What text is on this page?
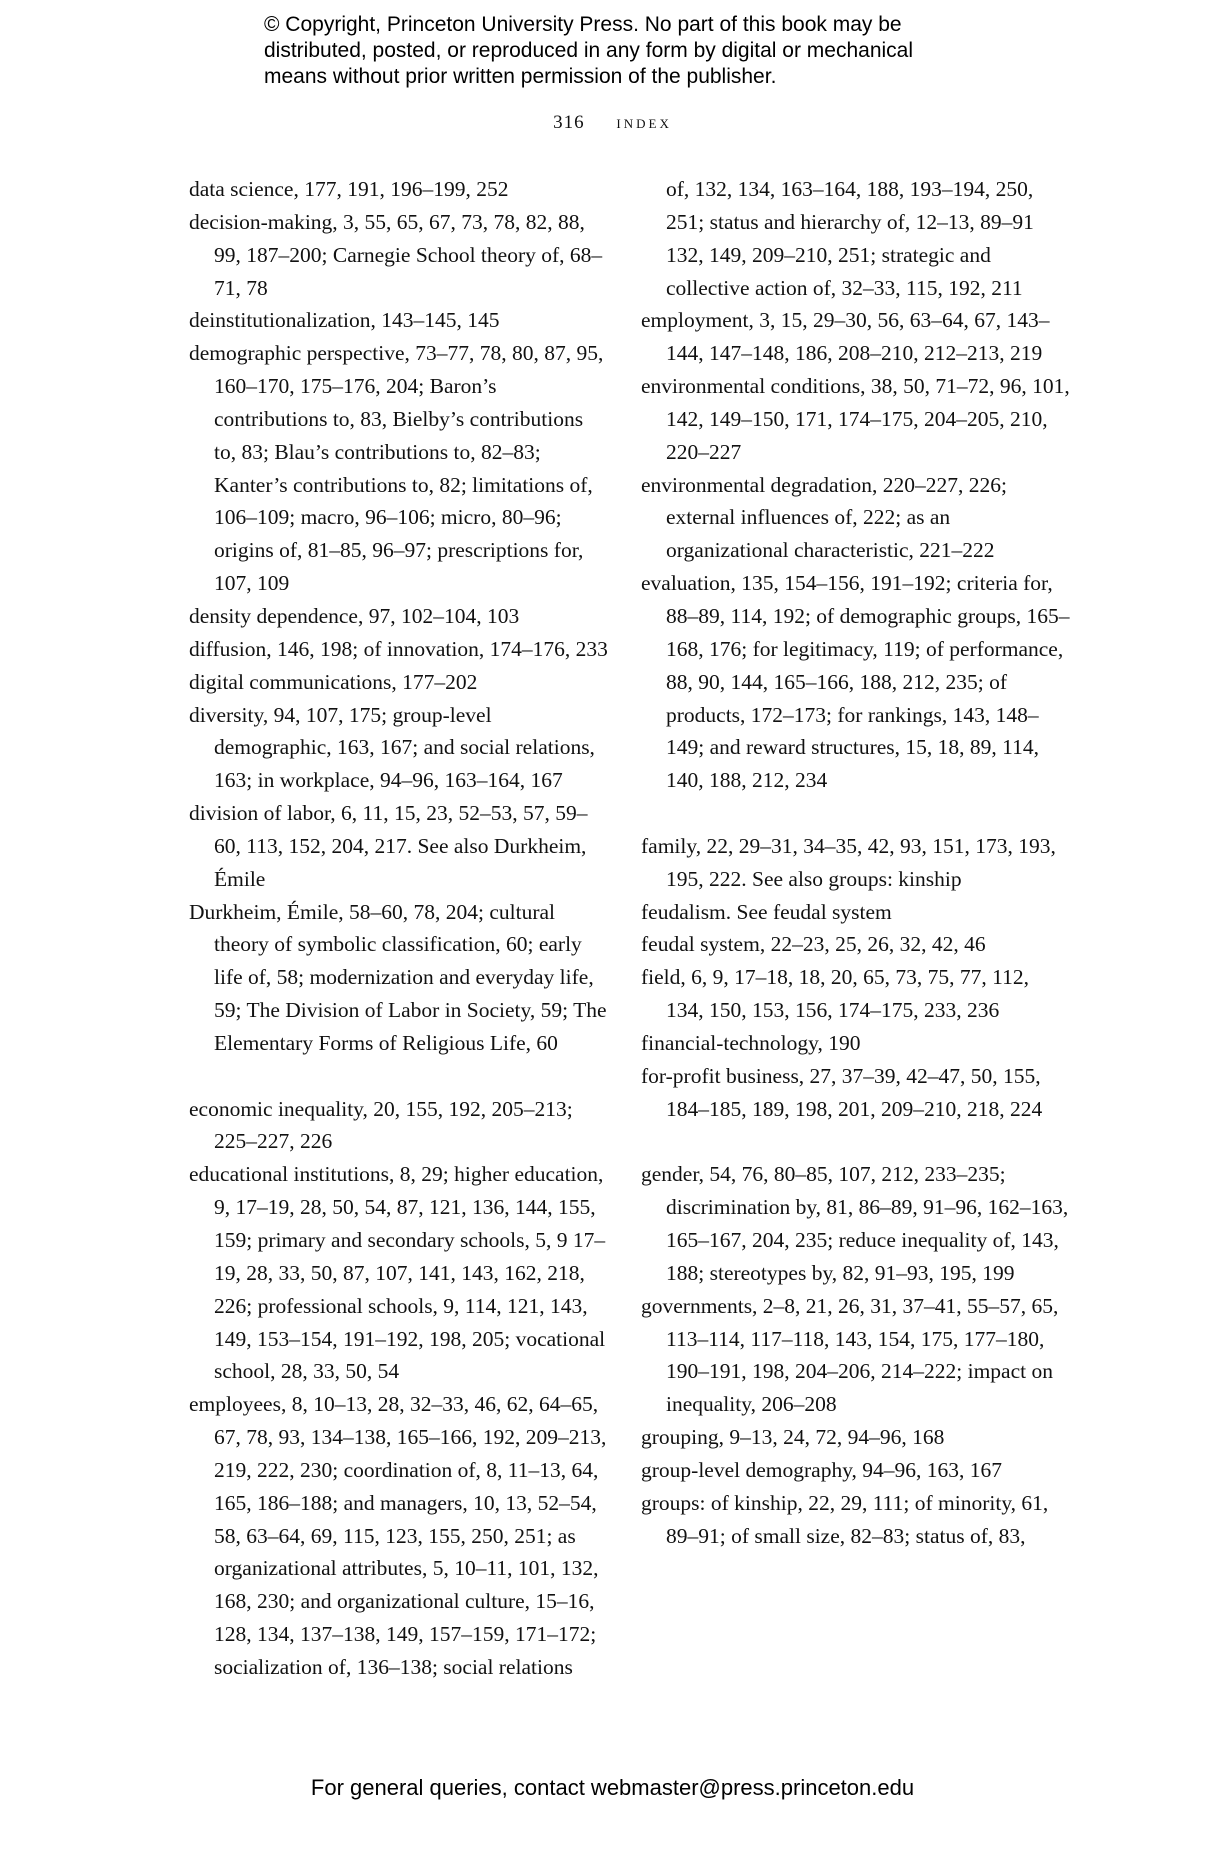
© Copyright, Princeton University Press. No part of this book may be
distributed, posted, or reproduced in any form by digital or mechanical
means without prior written permission of the publisher.
316 index
data science, 177, 191, 196–199, 252
decision-making, 3, 55, 65, 67, 73, 78, 82, 88, 99, 187–200; Carnegie School theory of, 68–71, 78
deinstitutionalization, 143–145, 145
demographic perspective, 73–77, 78, 80, 87, 95, 160–170, 175–176, 204; Baron’s contributions to, 83, Bielby’s contributions to, 83; Blau’s contributions to, 82–83; Kanter’s contributions to, 82; limitations of, 106–109; macro, 96–106; micro, 80–96; origins of, 81–85, 96–97; prescriptions for, 107, 109
density dependence, 97, 102–104, 103
diffusion, 146, 198; of innovation, 174–176, 233
digital communications, 177–202
diversity, 94, 107, 175; group-level demographic, 163, 167; and social relations, 163; in workplace, 94–96, 163–164, 167
division of labor, 6, 11, 15, 23, 52–53, 57, 59–60, 113, 152, 204, 217. See also Durkheim, Émile
Durkheim, Émile, 58–60, 78, 204; cultural theory of symbolic classification, 60; early life of, 58; modernization and everyday life, 59; The Division of Labor in Society, 59; The Elementary Forms of Religious Life, 60
economic inequality, 20, 155, 192, 205–213; 225–227, 226
educational institutions, 8, 29; higher education, 9, 17–19, 28, 50, 54, 87, 121, 136, 144, 155, 159; primary and secondary schools, 5, 9 17–19, 28, 33, 50, 87, 107, 141, 143, 162, 218, 226; professional schools, 9, 114, 121, 143, 149, 153–154, 191–192, 198, 205; vocational school, 28, 33, 50, 54
employees, 8, 10–13, 28, 32–33, 46, 62, 64–65, 67, 78, 93, 134–138, 165–166, 192, 209–213, 219, 222, 230; coordination of, 8, 11–13, 64, 165, 186–188; and managers, 10, 13, 52–54, 58, 63–64, 69, 115, 123, 155, 250, 251; as organizational attributes, 5, 10–11, 101, 132, 168, 230; and organizational culture, 15–16, 128, 134, 137–138, 149, 157–159, 171–172; socialization of, 136–138; social relations
of, 132, 134, 163–164, 188, 193–194, 250, 251; status and hierarchy of, 12–13, 89–91 132, 149, 209–210, 251; strategic and collective action of, 32–33, 115, 192, 211
employment, 3, 15, 29–30, 56, 63–64, 67, 143–144, 147–148, 186, 208–210, 212–213, 219
environmental conditions, 38, 50, 71–72, 96, 101, 142, 149–150, 171, 174–175, 204–205, 210, 220–227
environmental degradation, 220–227, 226; external influences of, 222; as an organizational characteristic, 221–222
evaluation, 135, 154–156, 191–192; criteria for, 88–89, 114, 192; of demographic groups, 165–168, 176; for legitimacy, 119; of performance, 88, 90, 144, 165–166, 188, 212, 235; of products, 172–173; for rankings, 143, 148–149; and reward structures, 15, 18, 89, 114, 140, 188, 212, 234
family, 22, 29–31, 34–35, 42, 93, 151, 173, 193, 195, 222. See also groups: kinship
feudalism. See feudal system
feudal system, 22–23, 25, 26, 32, 42, 46
field, 6, 9, 17–18, 18, 20, 65, 73, 75, 77, 112, 134, 150, 153, 156, 174–175, 233, 236
financial-technology, 190
for-profit business, 27, 37–39, 42–47, 50, 155, 184–185, 189, 198, 201, 209–210, 218, 224
gender, 54, 76, 80–85, 107, 212, 233–235; discrimination by, 81, 86–89, 91–96, 162–163, 165–167, 204, 235; reduce inequality of, 143, 188; stereotypes by, 82, 91–93, 195, 199
governments, 2–8, 21, 26, 31, 37–41, 55–57, 65, 113–114, 117–118, 143, 154, 175, 177–180, 190–191, 198, 204–206, 214–222; impact on inequality, 206–208
grouping, 9–13, 24, 72, 94–96, 168
group-level demography, 94–96, 163, 167
groups: of kinship, 22, 29, 111; of minority, 61, 89–91; of small size, 82–83; status of, 83,
For general queries, contact webmaster@press.princeton.edu
